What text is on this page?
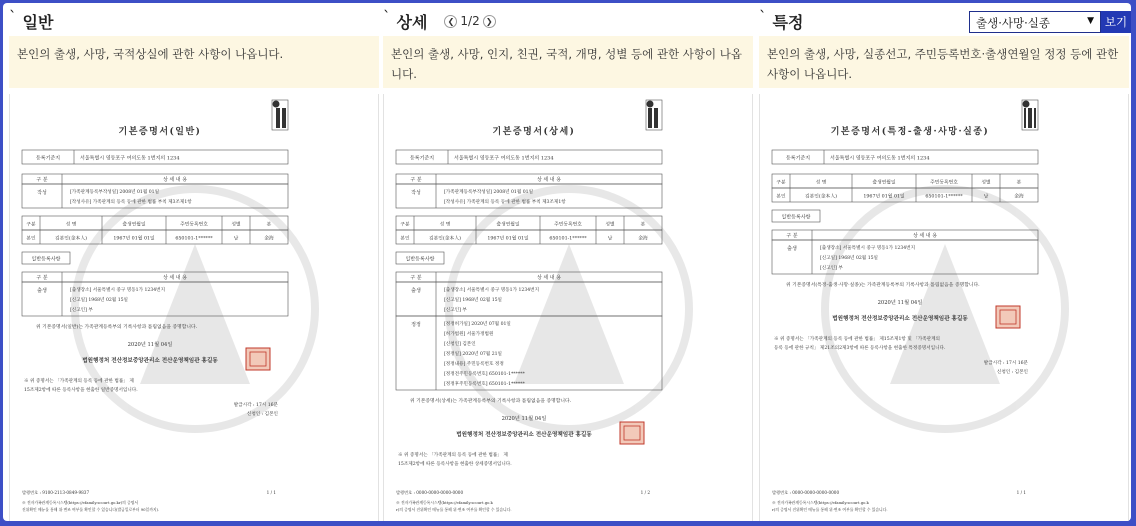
` 일반
본인의 출생, 사망, 국적상실에 관한 사항이 나옵니다.
기본증명서(일반)
등록기준지	서울특별시 영등포구 여의도동 1번지의 1234
구 분	상 세 내 용
작성	[가족관계등록부작성일] 2008년 01월 01일
[작성사유] 가족관계의 등록 등에 관한 법률 부칙 제3조제1항
구분	성 명	출생연월일	주민등록번호	성별	본
본인	김본인(金本人)	1967년 01월 01일	650101-1******	남	金海
일반등록사항
구 분	상 세 내 용
출생	[출생장소] 서울특별시 중구 명동1가 1234번지
[신고일] 1968년 02월 15일
[신고인] 부
위 기본증명서(일반)는 가족관계등록부의 기록사항과 틀림없음을 증명합니다.
2020년 11월 04일
법원행정처 전산정보중앙관리소 전산운영책임관 홍길동
※ 위 증명서는 「가족관계의 등록 등에 관한 법률」 제
15조제2항에 따른 등록사항을 현출한 일반증명서입니다.
발급시각 : 17시 16분
신청인 : 김본인
발행번호 : 9100-2113-0849-9837	1 / 1
※ 전자가족관계등록시스템(https://efamily.scourt.go.kr)의 증명서
진위확인 메뉴를 통해 위·변조 여부를 확인할 수 있습니다(발급일로부터 90일까지).
` 상세	❮ 1/2 ❯
본인의 출생, 사망, 인지, 친권, 국적, 개명, 성별 등에 관한 사항이 나옵니다.
기본증명서(상세)
등록기준지	서울특별시 영등포구 여의도동 1번지의 1234
구 분	상 세 내 용
작성	[가족관계등록부작성일] 2008년 01월 01일
[작성사유] 가족관계의 등록 등에 관한 법률 부칙 제3조제1항
구분	성 명	출생연월일	주민등록번호	성별	본
본인	김본인(金本人)	1967년 01월 01일	650101-1******	남	金海
일반등록사항
구 분	상 세 내 용
출생	[출생장소] 서울특별시 중구 명동1가 1234번지
[신고일] 1968년 02월 15일
[신고인] 부
정정	[정정허가일] 2020년 07월 01일
[허가법원] 서울가정법원
[신청인] 김본인
[정정일] 2020년 07월 21일
[정정내용] 주민등록번호 정정
[정정전주민등록번호] 650101-1******
[정정후주민등록번호] 650101-1******
위 기본증명서(상세)는 가족관계등록부의 기록사항과 틀림없음을 증명합니다.
2020년 11월 04일
법원행정처 전산정보중앙관리소 전산운영책임관 홍길동
※ 위 증명서는 「가족관계의 등록 등에 관한 법률」 제
15조제2항에 따른 등록사항을 현출한 상세증명서입니다.
발행번호 : 0000-0000-0000-0000	1 / 2
※ 전자가족관계등록시스템(https://efamily.scourt.go.k
r)의 증명서 진위확인 메뉴를 통해 위·변조 여부를 확인할 수 있습니다.
` 특정
본인의 출생, 사망, 실종선고, 주민등록번호·출생연월일 정정 등에 관한 사항이 나옵니다.
기본증명서(특정-출생·사망·실종)
등록기준지	서울특별시 영등포구 여의도동 1번지의 1234
구분	성 명	출생연월일	주민등록번호	성별	본
본인	김본인(金本人)	1967년 01월 01일	650101-1******	남	金海
일반등록사항
구 분	상 세 내 용
출생	[출생장소] 서울특별시 중구 명동1가 1234번지
[신고일] 1968년 02월 15일
[신고인] 부
위 기본증명서(특정-출생·사망·실종)는 가족관계등록부의 기록사항과 틀림없음을 증명합니다.
2020년 11월 04일
법원행정처 전산정보중앙관리소 전산운영책임관 홍길동
※ 위 증명서는 「가족관계의 등록 등에 관한 법률」 제15조제1항 및 「가족관계의
등록 등에 관한 규칙」 제21조의2제3항에 따른 등록사항을 현출한 특정증명서입니다.
발급시각 : 17시 16분
신청인 : 김본인
발행번호 : 0000-0000-0000-0000	1 / 1
※ 전자가족관계등록시스템(https://efamily.scourt.go.k
r)의 증명서 진위확인 메뉴를 통해 위·변조 여부를 확인할 수 있습니다.
출생·사망·실종	▼ 보기
